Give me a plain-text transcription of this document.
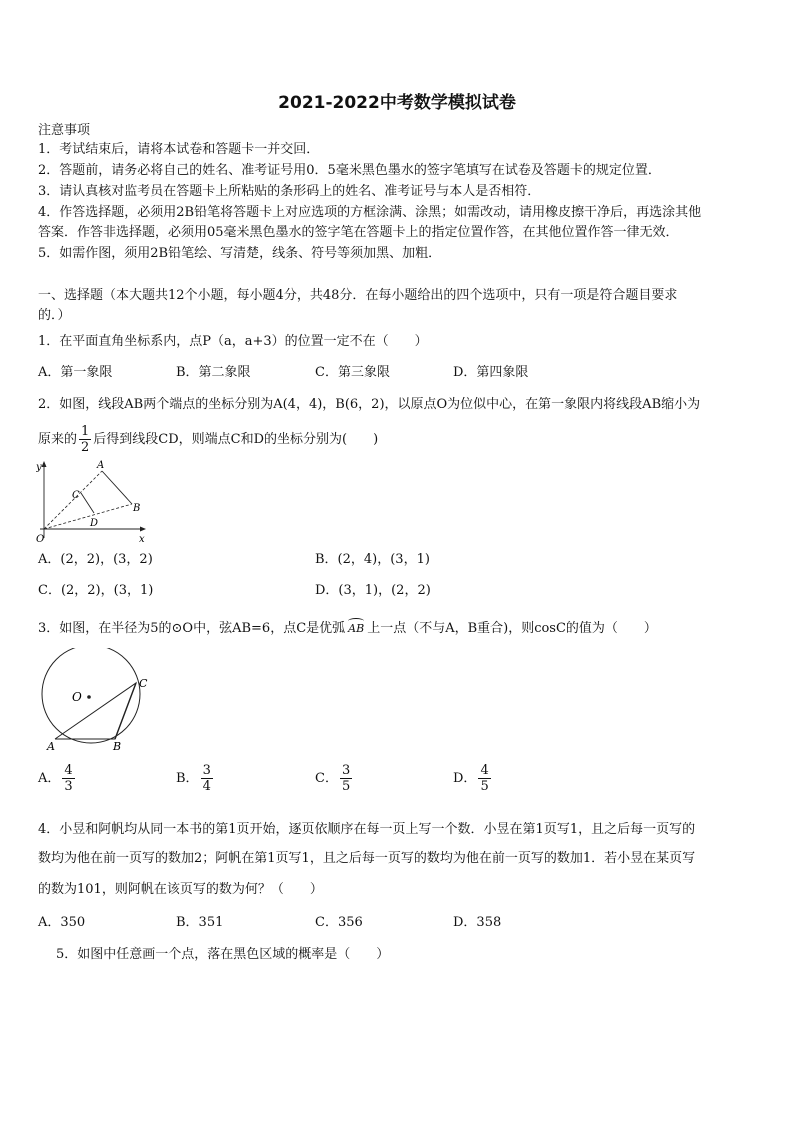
2021-2022中考数学模拟试卷
注意事项
1．考试结束后，请将本试卷和答题卡一并交回．
2．答题前，请务必将自己的姓名、准考证号用0．5毫米黑色墨水的签字笔填写在试卷及答题卡的规定位置．
3．请认真核对监考员在答题卡上所粘贴的条形码上的姓名、准考证号与本人是否相符．
4．作答选择题，必须用2B铅笔将答题卡上对应选项的方框涂满、涂黑；如需改动，请用橡皮擦干净后，再选涂其他
答案．作答非选择题，必须用05毫米黑色墨水的签字笔在答题卡上的指定位置作答，在其他位置作答一律无效．
5．如需作图，须用2B铅笔绘、写清楚，线条、符号等须加黑、加粗．
一、选择题（本大题共12个小题，每小题4分，共48分．在每小题给出的四个选项中，只有一项是符合题目要求
的．）
1．在平面直角坐标系内，点P（a，a+3）的位置一定不在（　　）
A．第一象限	B．第二象限	C．第三象限	D．第四象限
2．如图，线段AB两个端点的坐标分别为A(4，4)，B(6，2)，以原点O为位似中心，在第一象限内将线段AB缩小为
原来的 $\frac{1}{2}$ 后得到线段CD，则端点C和D的坐标分别为(　　)
y
x
O
A
B
C
D
A．(2，2)，(3，2)	B．(2，4)，(3，1)
C．(2，2)，(3，1)	D．(3，1)，(2，2)
3．如图，在半径为5的⊙O中，弦AB=6，点C是优弧 AB 上一点（不与A，B重合)，则cosC的值为（　　）
O
A	B
C
A． $\frac{4}{3}$	B． $\frac{3}{4}$	C． $\frac{3}{5}$	D． $\frac{4}{5}$
4．小昱和阿帆均从同一本书的第1页开始，逐页依顺序在每一页上写一个数．小昱在第1页写1，且之后每一页写的
数均为他在前一页写的数加2；阿帆在第1页写1，且之后每一页写的数均为他在前一页写的数加1．若小昱在某页写
的数为101，则阿帆在该页写的数为何？（　　）
A．350	B．351	C．356	D．358
5．如图中任意画一个点，落在黑色区域的概率是（　　）
